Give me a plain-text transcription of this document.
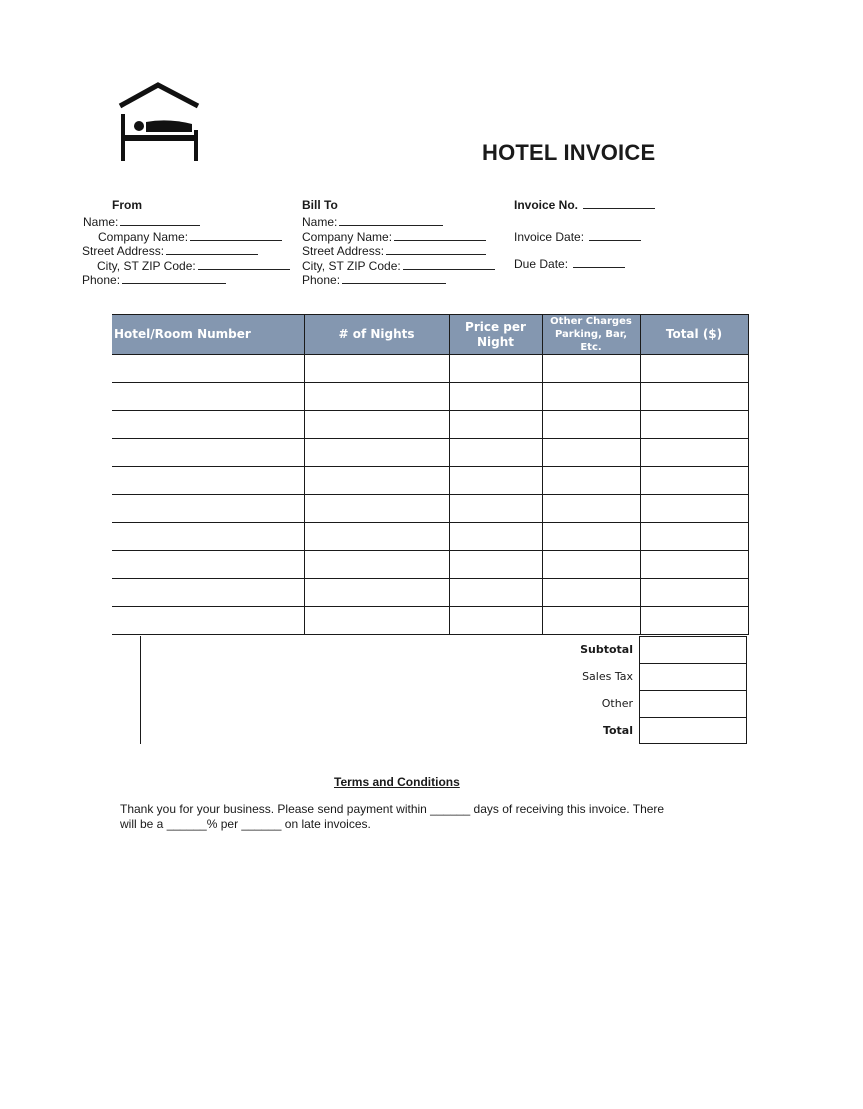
HOTEL INVOICE
From
Name:
Company Name:
Street Address:
City, ST ZIP Code:
Phone:
Bill To
Name:
Company Name:
Street Address:
City, ST ZIP Code:
Phone:
Invoice No.
Invoice Date:
Due Date:
Hotel/Room Number	# of Nights	Price per Night	Other Charges Parking, Bar, Etc.	Total ($)

Subtotal
Sales Tax
Other
Total
Terms and Conditions
Thank you for your business. Please send payment within ______ days of receiving this invoice. There will be a ______% per ______ on late invoices.
